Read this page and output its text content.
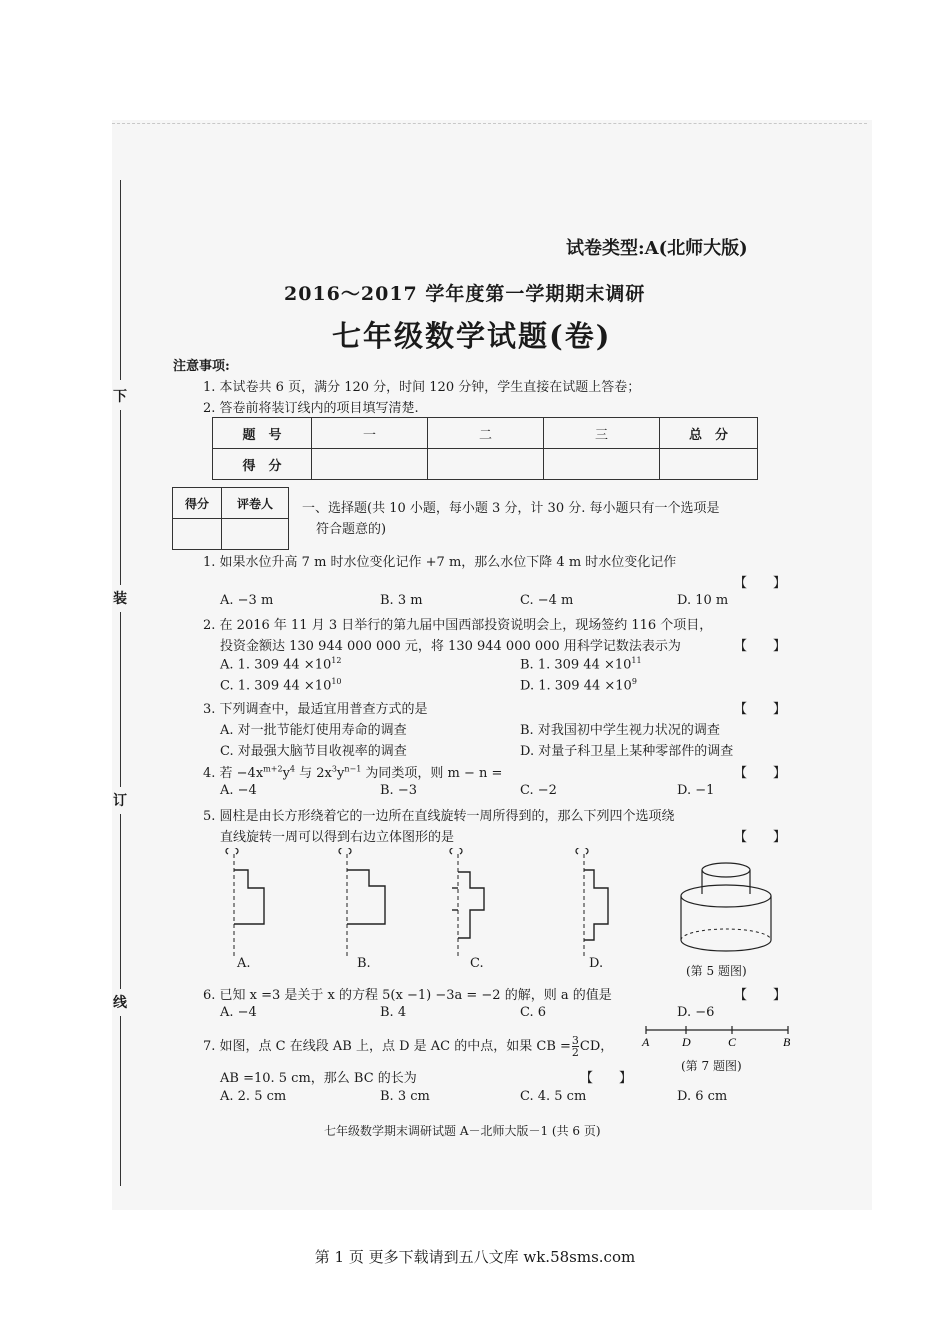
下
装
订
线
试卷类型:A(北师大版)
2016～2017 学年度第一学期期末调研
七年级数学试题(卷)
注意事项:
1. 本试卷共 6 页，满分 120 分，时间 120 分钟，学生直接在试题上答卷；
2. 答卷前将装订线内的项目填写清楚.
题　号	一	二	三	总　分
得　分				
得分	评卷人
	一、选择题(共 10 小题，每小题 3 分，计 30 分. 每小题只有一个选项是
符合题意的)
1. 如果水位升高 7 m 时水位变化记作 +7 m，那么水位下降 4 m 时水位变化记作
【　　】
A. −3 m	B. 3 m	C. −4 m	D. 10 m
2. 在 2016 年 11 月 3 日举行的第九届中国西部投资说明会上，现场签约 116 个项目，
投资金额达 130 944 000 000 元，将 130 944 000 000 用科学记数法表示为	【　　】
A. 1. 309 $44 \times 10^{12}$	B. 1. 309 $44 \times 10^{11}$
C. 1. 309 $44 \times 10^{10}$	D. 1. 309 $44 \times 10^9$
3. 下列调查中，最适宜用普查方式的是	【　　】
A. 对一批节能灯使用寿命的调查	B. 对我国初中学生视力状况的调查
C. 对最强大脑节目收视率的调查	D. 对量子科卫星上某种零部件的调查
4. 若 $-4x^{m+2}y^4$ 与 $2x^3y^{n-1}$ 为同类项，则 m − n =	【　　】
A. −4	B. −3	C. −2	D. −1
5. 圆柱是由长方形绕着它的一边所在直线旋转一周所得到的，那么下列四个选项绕
直线旋转一周可以得到右边立体图形的是	【　　】
A.	B.	C.	D.	(第 5 题图)
6. 已知 x =3 是关于 x 的方程 5(x −1) −3a = −2 的解，则 a 的值是	【　　】
A. −4	B. 4	C. 6	D. −6
7. 如图，点 C 在线段 AB 上，点 D 是 AC 的中点，如果 CB = $\frac{3}{2}$ CD，
AB =10. 5 cm，那么 BC 的长为	【　　】
A. 2. 5 cm	B. 3 cm	C. 4. 5 cm	D. 6 cm
A	D	C	B
(第 7 题图)
七年级数学期末调研试题 A－北师大版－1 (共 6 页)
第 1 页 更多下载请到五八文库 wk.58sms.com
